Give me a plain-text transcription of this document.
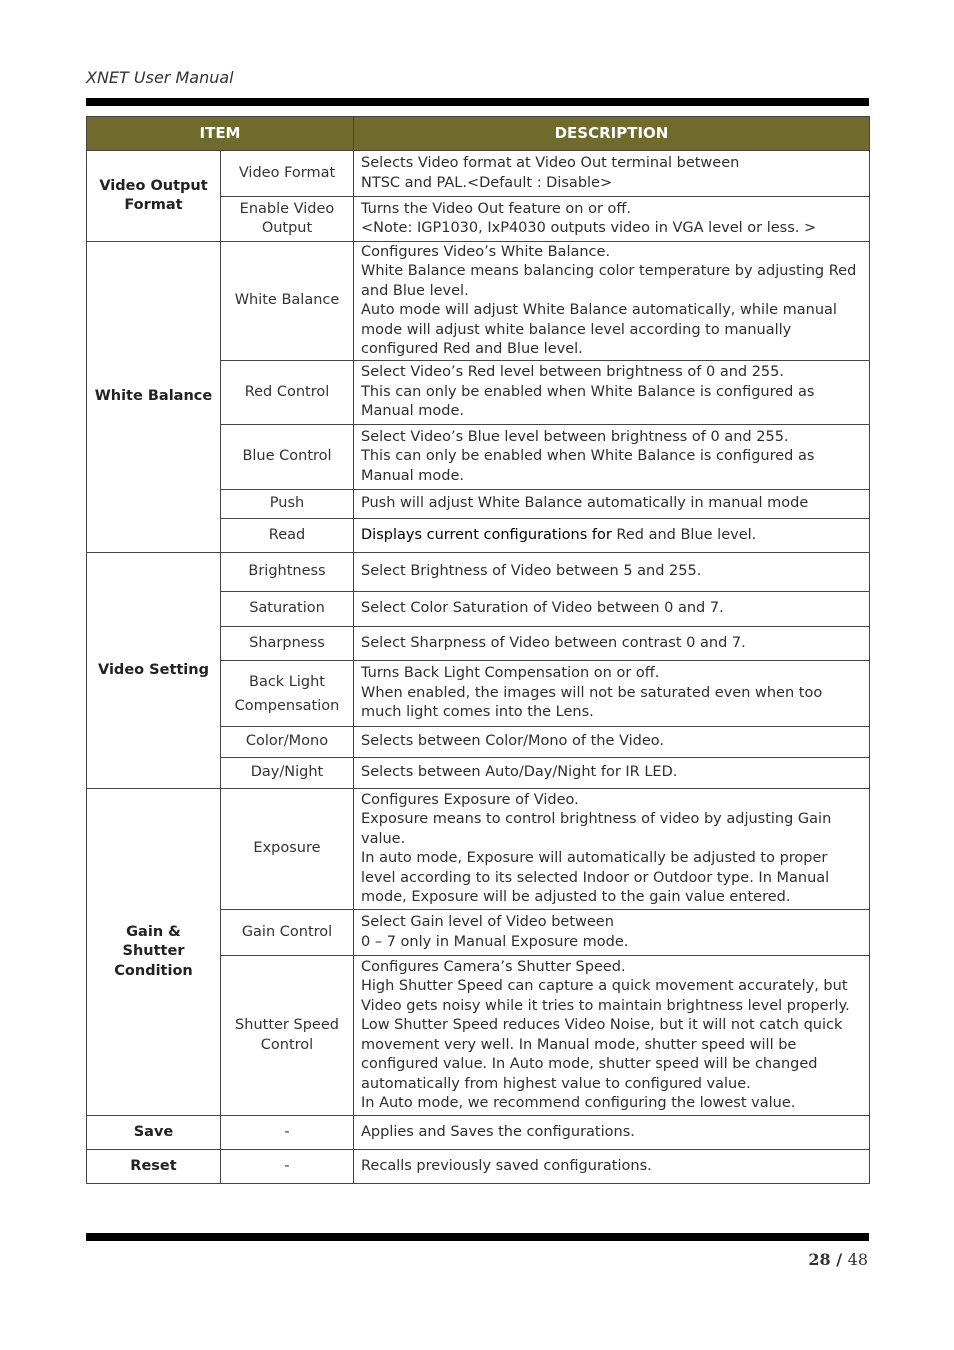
XNET User Manual
ITEM		DESCRIPTION
Video Output Format	Video Format	Selects Video format at Video Out terminal between
NTSC and PAL.<Default : Disable>

	Enable Video Output	Turns the Video Out feature on or off.
<Note: IGP1030, IxP4030 outputs video in VGA level or less. >

White Balance	White Balance	Configures Video’s White Balance.
White Balance means balancing color temperature by adjusting Red and Blue level.
Auto mode will adjust White Balance automatically, while manual mode will adjust white balance level according to manually configured Red and Blue level.

	Red Control	Select Video’s Red level between brightness of 0 and 255.
This can only be enabled when White Balance is configured as Manual mode.

	Blue Control	Select Video’s Blue level between brightness of 0 and 255.
This can only be enabled when White Balance is configured as Manual mode.

	Push	Push will adjust White Balance automatically in manual mode

	Read	Displays current configurations for Red and Blue level.
Video Setting	Brightness	Select Brightness of Video between 5 and 255.

	Saturation	Select Color Saturation of Video between 0 and 7.

	Sharpness	Select Sharpness of Video between contrast 0 and 7.

	Back Light Compensation	Turns Back Light Compensation on or off.
When enabled, the images will not be saturated even when too much light comes into the Lens.

	Color/Mono	Selects between Color/Mono of the Video.

	Day/Night	Selects between Auto/Day/Night for IR LED.

Gain & Shutter Condition	Exposure	Configures Exposure of Video.
Exposure means to control brightness of video by adjusting Gain value.
In auto mode, Exposure will automatically be adjusted to proper level according to its selected Indoor or Outdoor type. In Manual mode, Exposure will be adjusted to the gain value entered.

	Gain Control	Select Gain level of Video between
0 – 7 only in Manual Exposure mode.

	Shutter Speed Control	Configures Camera’s Shutter Speed.
High Shutter Speed can capture a quick movement accurately, but Video gets noisy while it tries to maintain brightness level properly.
Low Shutter Speed reduces Video Noise, but it will not catch quick movement very well. In Manual mode, shutter speed will be configured value. In Auto mode, shutter speed will be changed automatically from highest value to configured value.
In Auto mode, we recommend configuring the lowest value.

Save	-	Applies and Saves the configurations.

Reset	-	Recalls previously saved configurations.
28 / 48
